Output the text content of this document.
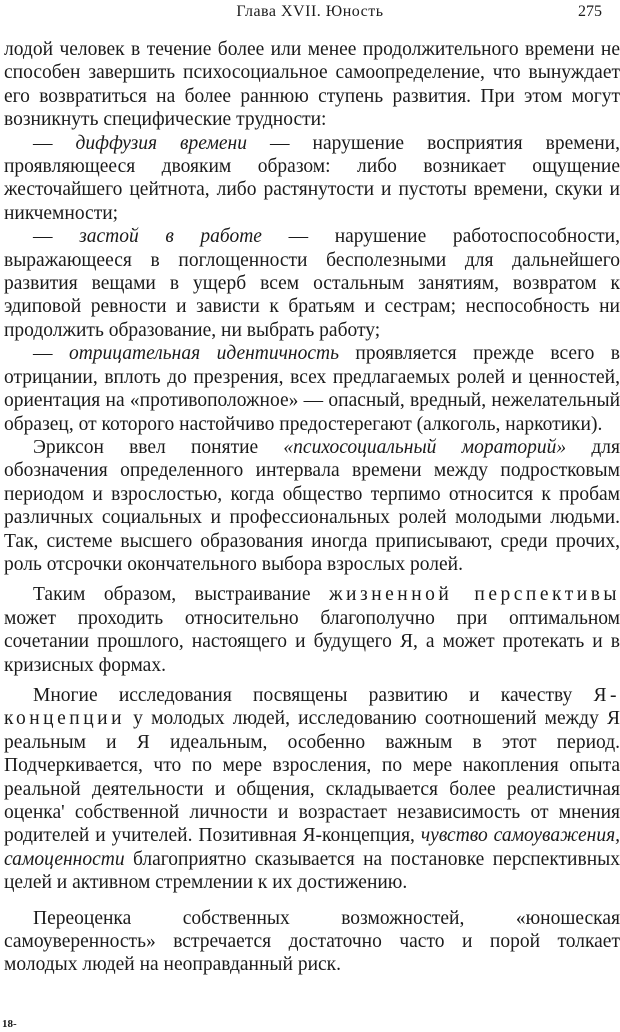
Глава XVII. Юность	275

лодой человек в течение более или менее продолжительного времени не способен завершить психосоциальное самоопределение, что вынуждает его возвратиться на более раннюю ступень развития. При этом могут возникнуть специфические трудности:

— диффузия времени — нарушение восприятия времени, проявляющееся двояким образом: либо возникает ощущение жесточайшего цейтнота, либо растянутости и пустоты времени, скуки и никчемности;

— застой в работе — нарушение работоспособности, выражающееся в поглощенности бесполезными для дальнейшего развития вещами в ущерб всем остальным занятиям, возвратом к эдиповой ревности и зависти к братьям и сестрам; неспособность ни продолжить образование, ни выбрать работу;

— отрицательная идентичность проявляется прежде всего в отрицании, вплоть до презрения, всех предлагаемых ролей и ценностей, ориентация на «противоположное» — опасный, вредный, нежелательный образец, от которого настойчиво предостерегают (алкоголь, наркотики).

Эриксон ввел понятие «психосоциальный мораторий» для обозначения определенного интервала времени между подростковым периодом и взрослостью, когда общество терпимо относится к пробам различных социальных и профессиональных ролей молодыми людьми. Так, системе высшего образования иногда приписывают, среди прочих, роль отсрочки окончательного выбора взрослых ролей.

Таким образом, выстраивание жизненной перспективы может проходить относительно благополучно при оптимальном сочетании прошлого, настоящего и будущего Я, а может протекать и в кризисных формах.

Многие исследования посвящены развитию и качеству Я-концепции у молодых людей, исследованию соотношений между Я реальным и Я идеальным, особенно важным в этот период. Подчеркивается, что по мере взросления, по мере накопления опыта реальной деятельности и общения, складывается более реалистичная оценка' собственной личности и возрастает независимость от мнения родителей и учителей. Позитивная Я-концепция, чувство самоуважения, самоценности благоприятно сказывается на постановке перспективных целей и активном стремлении к их достижению.

Переоценка собственных возможностей, «юношеская самоуверенность» встречается достаточно часто и порой толкает молодых людей на неоправданный риск.

18-
